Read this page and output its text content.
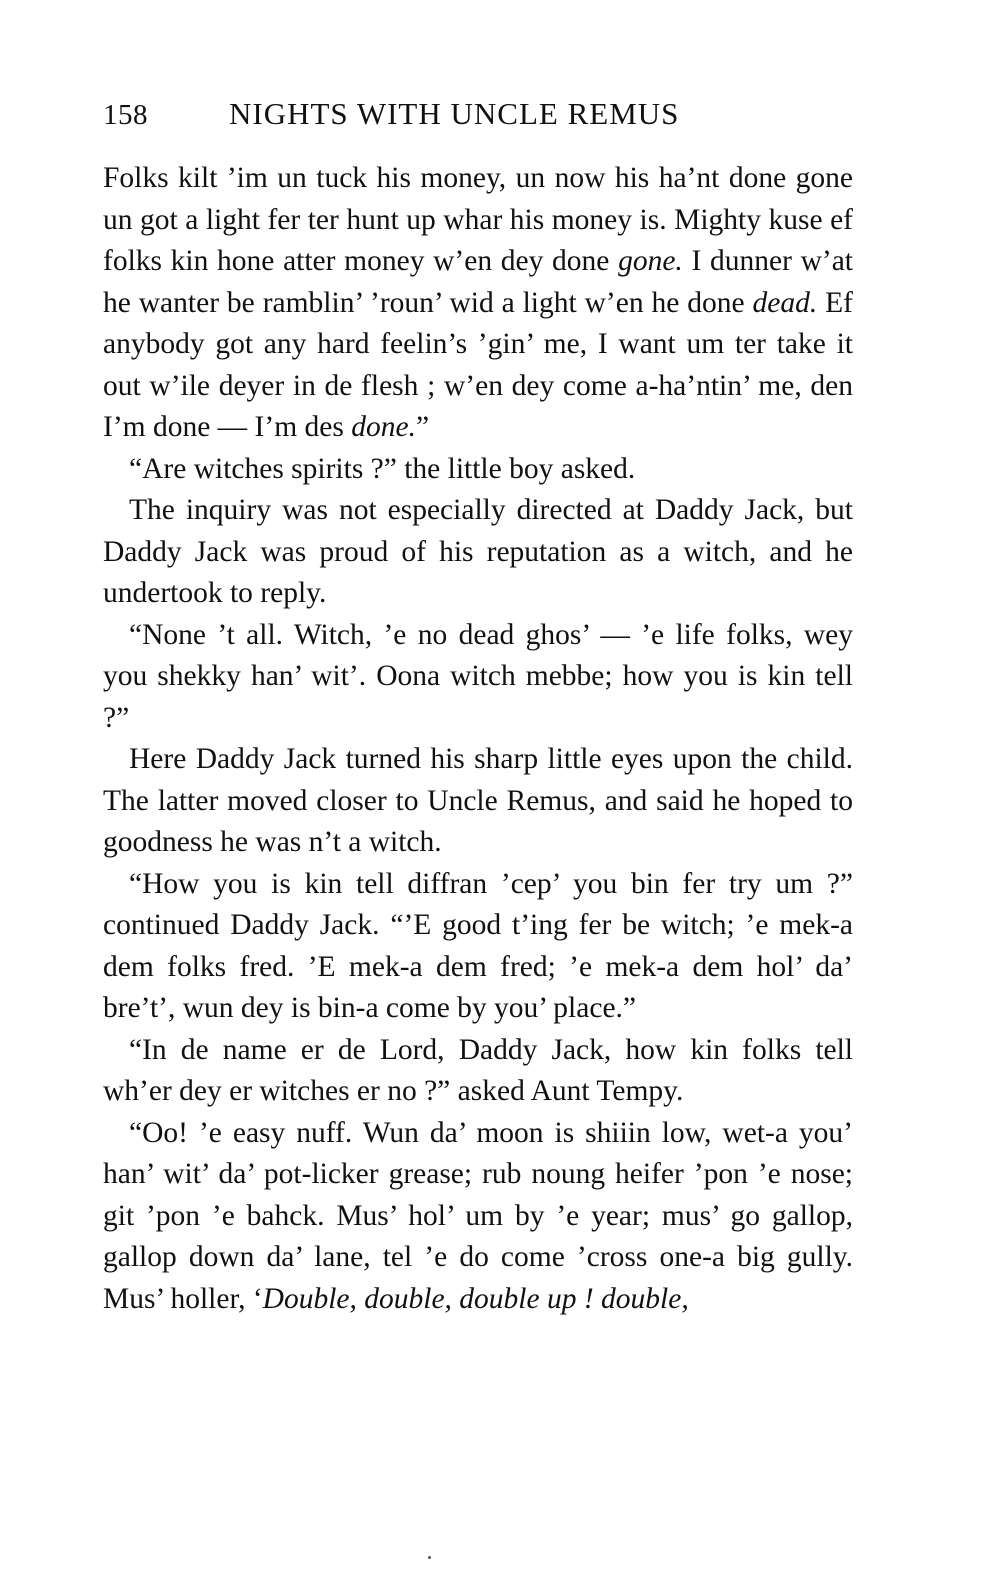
158	NIGHTS WITH UNCLE REMUS

Folks kilt ’im un tuck his money, un now his ha’nt done gone un got a light fer ter hunt up whar his money is. Mighty kuse ef folks kin hone atter money w’en dey done gone. I dunner w’at he wanter be ramblin’ ’roun’ wid a light w’en he done dead. Ef anybody got any hard feelin’s ’gin’ me, I want um ter take it out w’ile deyer in de flesh ; w’en dey come a-ha’ntin’ me, den I’m done — I’m des done.”

“Are witches spirits ?” the little boy asked.

The inquiry was not especially directed at Daddy Jack, but Daddy Jack was proud of his reputation as a witch, and he undertook to reply.

“None ’t all. Witch, ’e no dead ghos’ — ’e life folks, wey you shekky han’ wit’. Oona witch mebbe; how you is kin tell ?”

Here Daddy Jack turned his sharp little eyes upon the child. The latter moved closer to Uncle Remus, and said he hoped to goodness he was n’t a witch.

“How you is kin tell diffran ’cep’ you bin fer try um ?” continued Daddy Jack. “’E good t’ing fer be witch; ’e mek-a dem folks fred. ’E mek-a dem fred; ’e mek-a dem hol’ da’ bre’t’, wun dey is bin-a come by you’ place.”

“In de name er de Lord, Daddy Jack, how kin folks tell wh’er dey er witches er no ?” asked Aunt Tempy.

“Oo! ’e easy nuff. Wun da’ moon is shiiin low, wet-a you’ han’ wit’ da’ pot-licker grease; rub noung heifer ’pon ’e nose; git ’pon ’e bahck. Mus’ hol’ um by ’e year; mus’ go gallop, gallop down da’ lane, tel ’e do come ’cross one-a big gully. Mus’ holler, ‘Double, double, double up ! double,
